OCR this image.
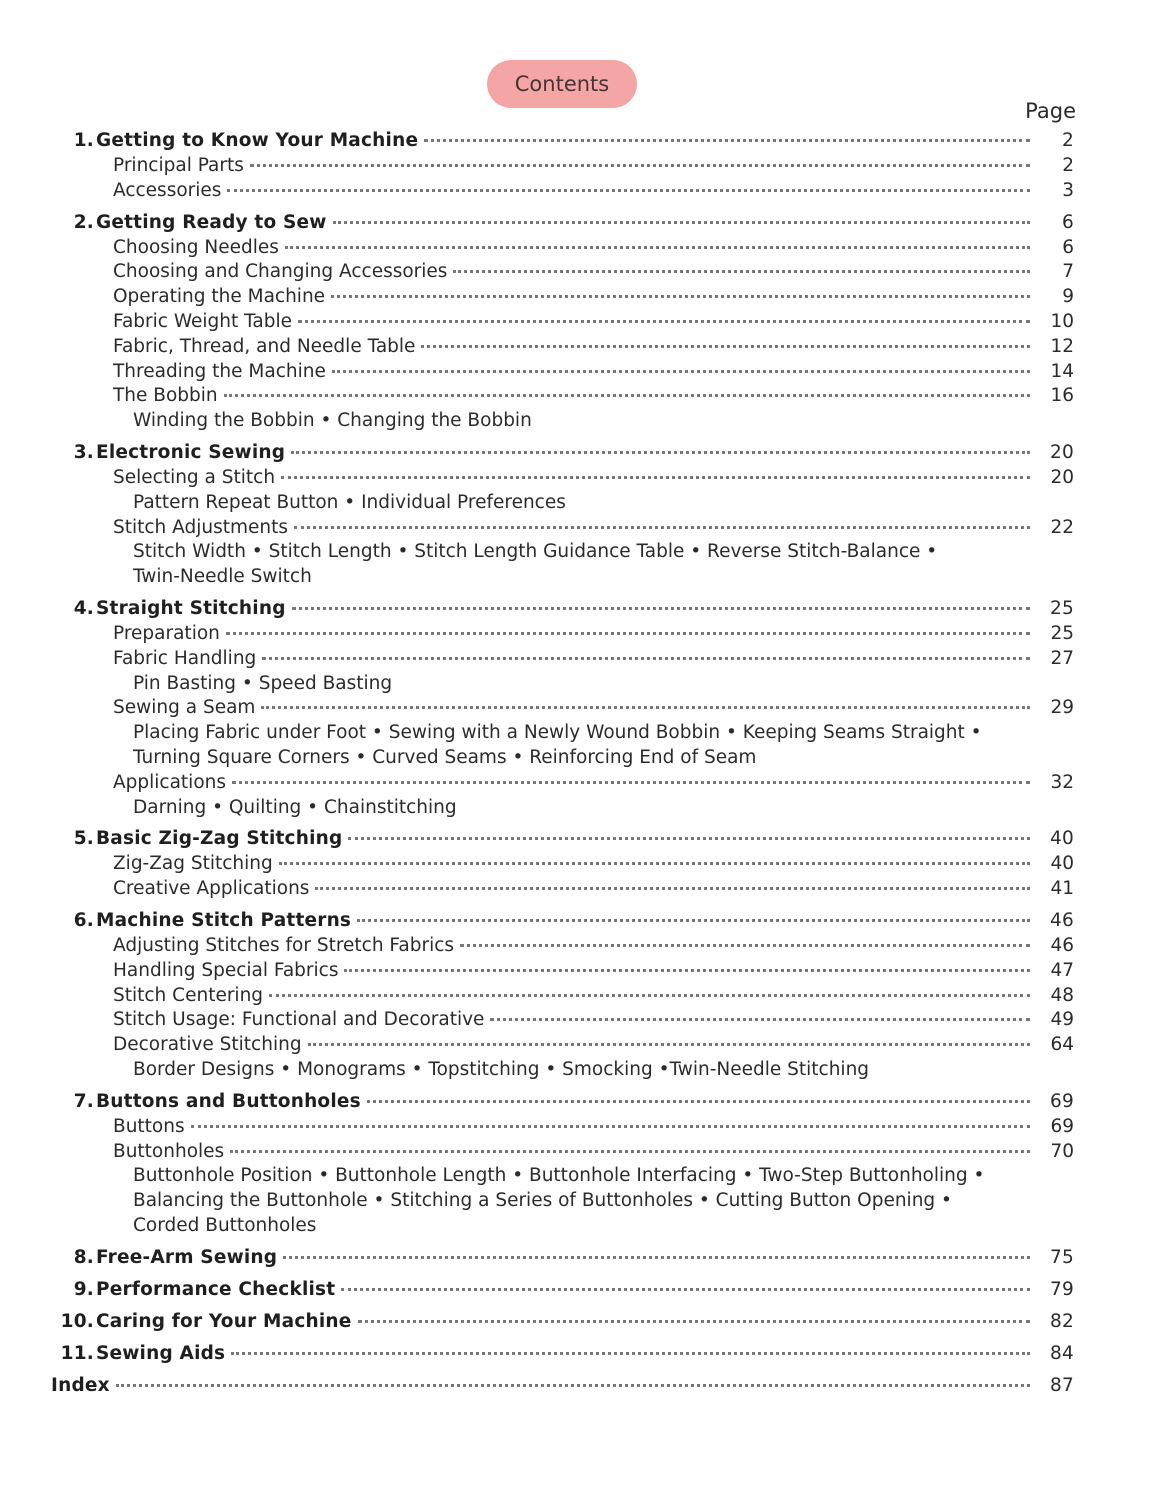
Contents
Page
1. Getting to Know Your Machine	2
Principal Parts	2
Accessories	3
2. Getting Ready to Sew	6
Choosing Needles	6
Choosing and Changing Accessories	7
Operating the Machine	9
Fabric Weight Table	10
Fabric, Thread, and Needle Table	12
Threading the Machine	14
The Bobbin	16
Winding the Bobbin • Changing the Bobbin
3. Electronic Sewing	20
Selecting a Stitch	20
Pattern Repeat Button • Individual Preferences
Stitch Adjustments	22
Stitch Width • Stitch Length • Stitch Length Guidance Table • Reverse Stitch-Balance •
Twin-Needle Switch
4. Straight Stitching	25
Preparation	25
Fabric Handling	27
Pin Basting • Speed Basting
Sewing a Seam	29
Placing Fabric under Foot • Sewing with a Newly Wound Bobbin • Keeping Seams Straight •
Turning Square Corners • Curved Seams • Reinforcing End of Seam
Applications	32
Darning • Quilting • Chainstitching
5. Basic Zig-Zag Stitching	40
Zig-Zag Stitching	40
Creative Applications	41
6. Machine Stitch Patterns	46
Adjusting Stitches for Stretch Fabrics	46
Handling Special Fabrics	47
Stitch Centering	48
Stitch Usage: Functional and Decorative	49
Decorative Stitching	64
Border Designs • Monograms • Topstitching • Smocking •Twin-Needle Stitching
7. Buttons and Buttonholes	69
Buttons	69
Buttonholes	70
Buttonhole Position • Buttonhole Length • Buttonhole Interfacing • Two-Step Buttonholing •
Balancing the Buttonhole • Stitching a Series of Buttonholes • Cutting Button Opening •
Corded Buttonholes
8. Free-Arm Sewing	75
9. Performance Checklist	79
10. Caring for Your Machine	82
11. Sewing Aids	84
Index	87
